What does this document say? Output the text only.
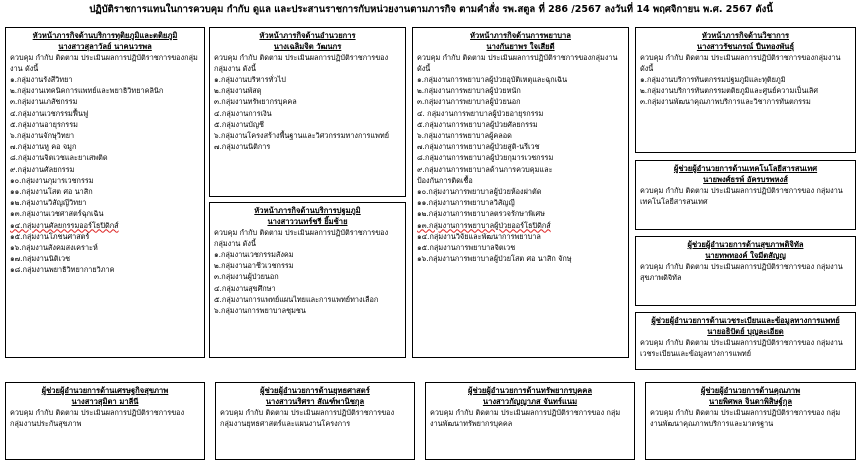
ปฏิบัติราชการแทนในการควบคุม กำกับ ดูแล และประสานราชการกับหน่วยงานตามภารกิจ ตามคำสั่ง รพ.สตูล ที่ 286 /2567 ลงวันที่ 14 พฤศจิกายน พ.ศ. 2567 ดังนี้
หัวหน้าภารกิจด้านบริการทุติยภูมิและตติยภูมิ
นางสาวสุลาวัลย์ นาคนวรพล
ควบคุม กำกับ ติดตาม ประเมินผลการปฏิบัติราชการของกลุ่มงาน ดังนี้
๑.กลุ่มงานรังสีวิทยา
๒.กลุ่มงานเทคนิคการแพทย์และพยาธิวิทยาคลินิก
๓.กลุ่มงานเภสัชกรรม
๔.กลุ่มงานเวชกรรมฟื้นฟู
๕.กลุ่มงานอายุรกรรม
๖.กลุ่มงานจักษุวิทยา
๗.กลุ่มงานหู คอ จมูก
๘.กลุ่มงานจิตเวชและยาเสพติด
๙.กลุ่มงานศัลยกรรม
๑๐.กลุ่มงานกุมารเวชกรรม
๑๑.กลุ่มงานโสต ศอ นาสิก
๑๒.กลุ่มงานวิสัญญีวิทยา
๑๓.กลุ่มงานเวชศาสตร์ฉุกเฉิน
๑๔.กลุ่มงานศัลยกรรมออร์โธปิดิกส์
๑๕.กลุ่มงานโภชนศาสตร์
๑๖.กลุ่มงานสังคมสงเคราะห์
๑๗.กลุ่มงานนิติเวช
๑๘.กลุ่มงานพยาธิวิทยากายวิภาค
หัวหน้าภารกิจด้านอำนวยการ
นางเฉลิมจิต วัฒนกร
ควบคุม กำกับ ติดตาม ประเมินผลการปฏิบัติราชการของกลุ่มงาน ดังนี้
๑.กลุ่มงานบริหารทั่วไป
๒.กลุ่มงานพัสดุ
๓.กลุ่มงานทรัพยากรบุคคล
๔.กลุ่มงานการเงิน
๕.กลุ่มงานบัญชี
๖.กลุ่มงานโครงสร้างพื้นฐานและวิศวกรรมทางการแพทย์
๗.กลุ่มงานนิติการ
หัวหน้าภารกิจด้านบริการปฐมภูมิ
นางสาววนทร์ชรี ยิ้มช้าย
ควบคุม กำกับ ติดตาม ประเมินผลการปฏิบัติราชการของกลุ่มงาน ดังนี้
๑.กลุ่มงานเวชกรรมสังคม
๒.กลุ่มงานอาชีวเวชกรรม
๓.กลุ่มงานผู้ป่วยนอก
๔.กลุ่มงานสุขศึกษา
๕.กลุ่มงานการแพทย์แผนไทยและการแพทย์ทางเลือก
๖.กลุ่มงานการพยาบาลชุมชน
หัวหน้าภารกิจด้านการพยาบาล
นางกันยาพร ใจเสียดี
ควบคุม กำกับ ติดตาม ประเมินผลการปฏิบัติราชการของกลุ่มงาน ดังนี้
๑.กลุ่มงานการพยาบาลผู้ป่วยอุบัติเหตุและฉุกเฉิน
๒.กลุ่มงานการพยาบาลผู้ป่วยหนัก
๓.กลุ่มงานการพยาบาลผู้ป่วยนอก
๔. กลุ่มงานการพยาบาลผู้ป่วยอายุรกรรม
๕.กลุ่มงานการพยาบาลผู้ป่วยศัลยกรรม
๖.กลุ่มงานการพยาบาลผู้คลอด
๗.กลุ่มงานการพยาบาลผู้ป่วยสูติ-นรีเวช
๘.กลุ่มงานการพยาบาลผู้ป่วยกุมารเวชกรรม
๙.กลุ่มงานการพยาบาลด้านการควบคุมและ
ป้องกันการติดเชื้อ
๑๐.กลุ่มงานการพยาบาลผู้ป่วยห้องผ่าตัด
๑๑.กลุ่มงานการพยาบาลวิสัญญี
๑๒.กลุ่มงานการพยาบาลตรวจรักษาพิเศษ
๑๓.กลุ่มงานการพยาบาลผู้ป่วยออร์โธปิดิกส์
๑๔.กลุ่มงานวิจัยและพัฒนาการพยาบาล
๑๕.กลุ่มงานการพยาบาลจิตเวช
๑๖.กลุ่มงานการพยาบาลผู้ป่วยโสต ศอ นาสิก จักษุ
หัวหน้าภารกิจด้านวิชาการ
นางสาวรัชนกรณ์ ปืนทองพันธุ์
ควบคุม กำกับ ติดตาม ประเมินผลการปฏิบัติราชการของกลุ่มงาน ดังนี้
๑.กลุ่มงานบริการทันตกรรมปฐมภูมิและทุติยภูมิ
๒.กลุ่มงานบริการทันตกรรมตติยภูมิและศูนย์ความเป็นเลิศ
๓.กลุ่มงานพัฒนาคุณภาพบริการและวิชาการทันตกรรม
ผู้ช่วยผู้อำนวยการด้านเทคโนโลยีสารสนเทศ
นายพงศ์ธรพ์ อัครบรพหงส์
ควบคุม กำกับ ติดตาม ประเมินผลการปฏิบัติราชการของ กลุ่มงานเทคโนโลยีสารสนเทศ
ผู้ช่วยผู้อำนวยการด้านสุขภาพดิจิทัล
นายทพทองค์ ใจมีตสัญญ
ควบคุม กำกับ ติดตาม ประเมินผลการปฏิบัติราชการของ กลุ่มงานสุขภาพดิจิทัล
ผู้ช่วยผู้อำนวยการด้านเวชระเบียนและข้อมูลทางการแพทย์
นายอธิปัตย์ บุญละเอียด
ควบคุม กำกับ ติดตาม ประเมินผลการปฏิบัติราชการของ กลุ่มงานเวชระเบียนและข้อมูลทางการแพทย์
ผู้ช่วยผู้อำนวยการด้านเศรษฐกิจสุขภาพ
นางสาวสุมิตา มาลีนี
ควบคุม กำกับ ติดตาม ประเมินผลการปฏิบัติราชการของ กลุ่มงานประกันสุขภาพ
ผู้ช่วยผู้อำนวยการด้านยุทธศาสตร์
นางสาวนริศรา สัณฑ์พานิชกุล
ควบคุม กำกับ ติดตาม ประเมินผลการปฏิบัติราชการของ กลุ่มงานยุทธศาสตร์และแผนงานโครงการ
ผู้ช่วยผู้อำนวยการด้านทรัพยากรบุคคล
นางสาวกัญญาภส จันทร์แนม
ควบคุม กำกับ ติดตาม ประเมินผลการปฏิบัติราชการของ กลุ่มงานพัฒนาทรัพยากรบุคคล
ผู้ช่วยผู้อำนวยการด้านคุณภาพ
นายพิศพล จินดาพิสิษฐ์กุล
ควบคุม กำกับ ติดตาม ประเมินผลการปฏิบัติราชการของ กลุ่มงานพัฒนาคุณภาพบริการและมาตรฐาน
